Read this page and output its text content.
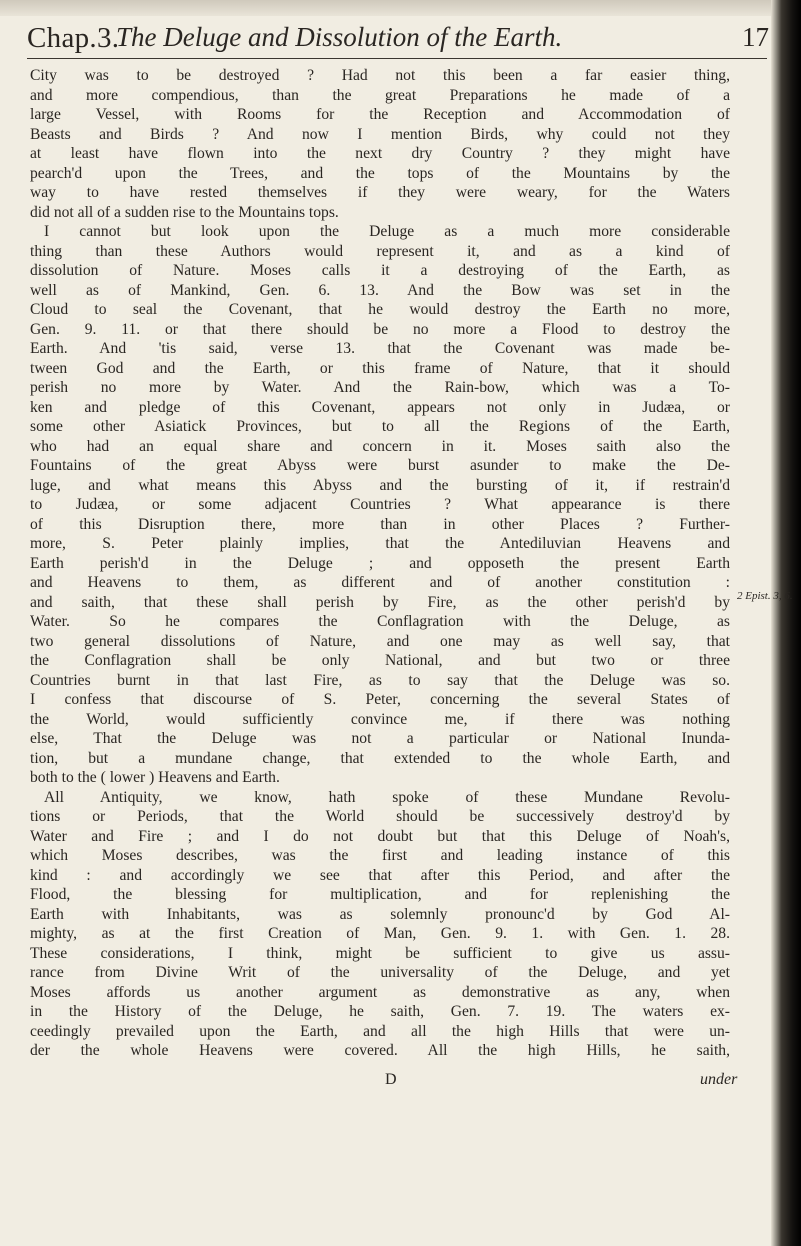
Chap.3.
The Deluge and Dissolution of the Earth.	17
City was to be destroyed ? Had not this been a far easier thing,
and more compendious, than the great Preparations he made of a
large Vessel, with Rooms for the Reception and Accommodation of
Beasts and Birds ? And now I mention Birds, why could not they
at least have flown into the next dry Country ? they might have
pearch'd upon the Trees, and the tops of the Mountains by the
way to have rested themselves if they were weary, for the Waters
did not all of a sudden rise to the Mountains tops.
I cannot but look upon the Deluge as a much more considerable
thing than these Authors would represent it, and as a kind of
dissolution of Nature. Moses calls it a destroying of the Earth, as
well as of Mankind, Gen. 6. 13. And the Bow was set in the
Cloud to seal the Covenant, that he would destroy the Earth no more,
Gen. 9. 11. or that there should be no more a Flood to destroy the
Earth. And 'tis said, verse 13. that the Covenant was made be-
tween God and the Earth, or this frame of Nature, that it should
perish no more by Water. And the Rain-bow, which was a To-
ken and pledge of this Covenant, appears not only in Judæa, or
some other Asiatick Provinces, but to all the Regions of the Earth,
who had an equal share and concern in it. Moses saith also the
Fountains of the great Abyss were burst asunder to make the De-
luge, and what means this Abyss and the bursting of it, if restrain'd
to Judæa, or some adjacent Countries ? What appearance is there
of this Disruption there, more than in other Places ? Further-
more, S. Peter plainly implies, that the Antediluvian Heavens and
Earth perish'd in the Deluge ; and opposeth the present Earth
and Heavens to them, as different and of another constitution :
and saith, that these shall perish by Fire, as the other perish'd by
Water. So he compares the Conflagration with the Deluge, as
two general dissolutions of Nature, and one may as well say, that
the Conflagration shall be only National, and but two or three
Countries burnt in that last Fire, as to say that the Deluge was so.
I confess that discourse of S. Peter, concerning the several States of
the World, would sufficiently convince me, if there was nothing
else, That the Deluge was not a particular or National Inunda-
tion, but a mundane change, that extended to the whole Earth, and
both to the ( lower ) Heavens and Earth.
All Antiquity, we know, hath spoke of these Mundane Revolu-
tions or Periods, that the World should be successively destroy'd by
Water and Fire ; and I do not doubt but that this Deluge of Noah's,
which Moses describes, was the first and leading instance of this
kind : and accordingly we see that after this Period, and after the
Flood, the blessing for multiplication, and for replenishing the
Earth with Inhabitants, was as solemnly pronounc'd by God Al-
mighty, as at the first Creation of Man, Gen. 9. 1. with Gen. 1. 28.
These considerations, I think, might be sufficient to give us assu-
rance from Divine Writ of the universality of the Deluge, and yet
Moses affords us another argument as demonstrative as any, when
in the History of the Deluge, he saith, Gen. 7. 19. The waters ex-
ceedingly prevailed upon the Earth, and all the high Hills that were un-
der the whole Heavens were covered. All the high Hills, he saith,
2 Epist. 3, 6.
D	under
